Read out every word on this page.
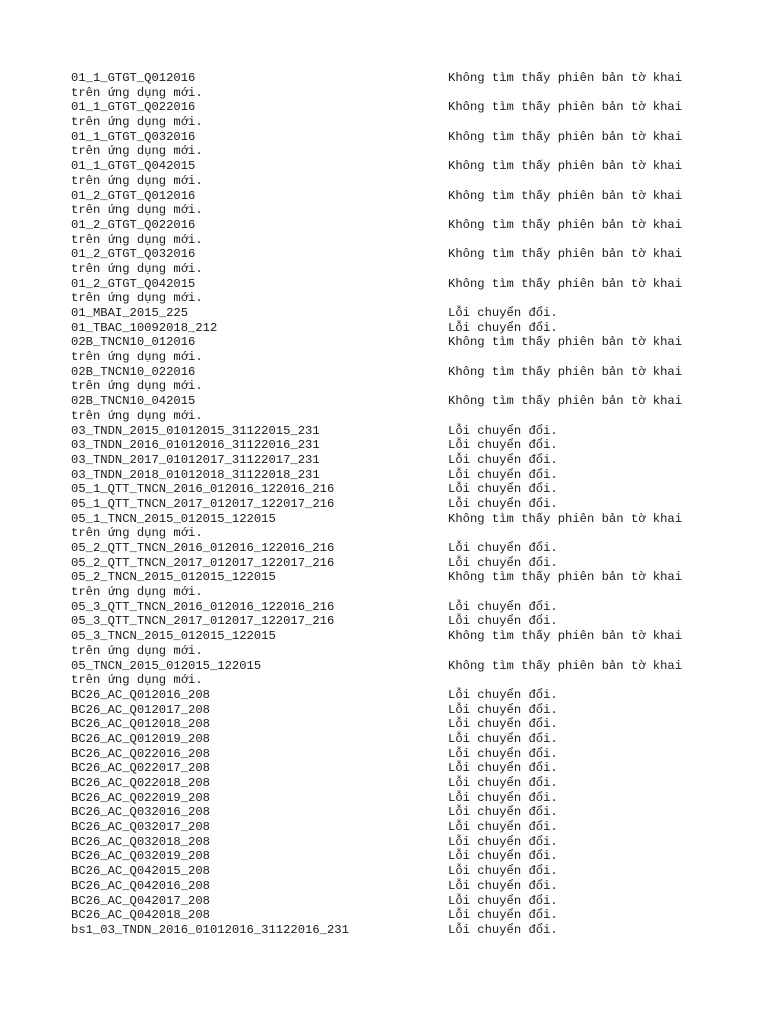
01_1_GTGT_Q012016	Không tìm thấy phiên bản tờ khai
trên ứng dụng mới.
01_1_GTGT_Q022016	Không tìm thấy phiên bản tờ khai
trên ứng dụng mới.
01_1_GTGT_Q032016	Không tìm thấy phiên bản tờ khai
trên ứng dụng mới.
01_1_GTGT_Q042015	Không tìm thấy phiên bản tờ khai
trên ứng dụng mới.
01_2_GTGT_Q012016	Không tìm thấy phiên bản tờ khai
trên ứng dụng mới.
01_2_GTGT_Q022016	Không tìm thấy phiên bản tờ khai
trên ứng dụng mới.
01_2_GTGT_Q032016	Không tìm thấy phiên bản tờ khai
trên ứng dụng mới.
01_2_GTGT_Q042015	Không tìm thấy phiên bản tờ khai
trên ứng dụng mới.
01_MBAI_2015_225	Lỗi chuyển đổi.
01_TBAC_10092018_212	Lỗi chuyển đổi.
02B_TNCN10_012016	Không tìm thấy phiên bản tờ khai
trên ứng dụng mới.
02B_TNCN10_022016	Không tìm thấy phiên bản tờ khai
trên ứng dụng mới.
02B_TNCN10_042015	Không tìm thấy phiên bản tờ khai
trên ứng dụng mới.
03_TNDN_2015_01012015_31122015_231	Lỗi chuyển đổi.
03_TNDN_2016_01012016_31122016_231	Lỗi chuyển đổi.
03_TNDN_2017_01012017_31122017_231	Lỗi chuyển đổi.
03_TNDN_2018_01012018_31122018_231	Lỗi chuyển đổi.
05_1_QTT_TNCN_2016_012016_122016_216	Lỗi chuyển đổi.
05_1_QTT_TNCN_2017_012017_122017_216	Lỗi chuyển đổi.
05_1_TNCN_2015_012015_122015	Không tìm thấy phiên bản tờ khai
trên ứng dụng mới.
05_2_QTT_TNCN_2016_012016_122016_216	Lỗi chuyển đổi.
05_2_QTT_TNCN_2017_012017_122017_216	Lỗi chuyển đổi.
05_2_TNCN_2015_012015_122015	Không tìm thấy phiên bản tờ khai
trên ứng dụng mới.
05_3_QTT_TNCN_2016_012016_122016_216	Lỗi chuyển đổi.
05_3_QTT_TNCN_2017_012017_122017_216	Lỗi chuyển đổi.
05_3_TNCN_2015_012015_122015	Không tìm thấy phiên bản tờ khai
trên ứng dụng mới.
05_TNCN_2015_012015_122015	Không tìm thấy phiên bản tờ khai
trên ứng dụng mới.
BC26_AC_Q012016_208	Lỗi chuyển đổi.
BC26_AC_Q012017_208	Lỗi chuyển đổi.
BC26_AC_Q012018_208	Lỗi chuyển đổi.
BC26_AC_Q012019_208	Lỗi chuyển đổi.
BC26_AC_Q022016_208	Lỗi chuyển đổi.
BC26_AC_Q022017_208	Lỗi chuyển đổi.
BC26_AC_Q022018_208	Lỗi chuyển đổi.
BC26_AC_Q022019_208	Lỗi chuyển đổi.
BC26_AC_Q032016_208	Lỗi chuyển đổi.
BC26_AC_Q032017_208	Lỗi chuyển đổi.
BC26_AC_Q032018_208	Lỗi chuyển đổi.
BC26_AC_Q032019_208	Lỗi chuyển đổi.
BC26_AC_Q042015_208	Lỗi chuyển đổi.
BC26_AC_Q042016_208	Lỗi chuyển đổi.
BC26_AC_Q042017_208	Lỗi chuyển đổi.
BC26_AC_Q042018_208	Lỗi chuyển đổi.
bs1_03_TNDN_2016_01012016_31122016_231	Lỗi chuyển đổi.
